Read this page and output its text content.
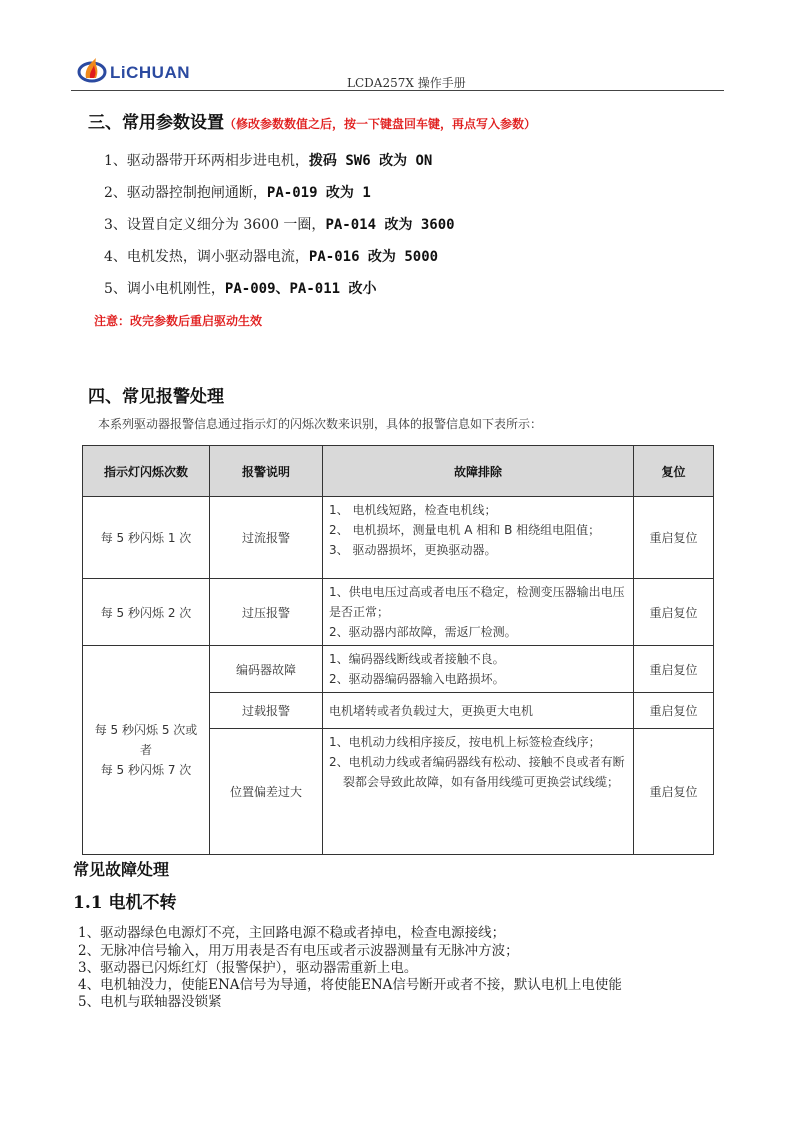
LiCHUAN
LCDA257X 操作手册
三、常用参数设置（修改参数数值之后，按一下键盘回车键，再点写入参数）
1、驱动器带开环两相步进电机，拨码 SW6 改为 ON
2、驱动器控制抱闸通断，PA-019 改为 1
3、设置自定义细分为 3600 一圈，PA-014 改为 3600
4、电机发热，调小驱动器电流，PA-016 改为 5000
5、调小电机刚性，PA-009、PA-011 改小
注意：改完参数后重启驱动生效
四、常见报警处理
本系列驱动器报警信息通过指示灯的闪烁次数来识别，具体的报警信息如下表所示：
指示灯闪烁次数	报警说明	故障排除	复位
每 5 秒闪烁 1 次	过流报警	1、 电机线短路，检查电机线；
2、 电机损坏，测量电机 A 相和 B 相绕组电阻值；
3、 驱动器损坏，更换驱动器。	重启复位
每 5 秒闪烁 2 次	过压报警	1、供电电压过高或者电压不稳定，检测变压器输出电压是否正常；
2、驱动器内部故障，需返厂检测。	重启复位

每 5 秒闪烁 5 次或
者
每 5 秒闪烁 7 次	编码器故障	1、编码器线断线或者接触不良。
2、驱动器编码器输入电路损坏。	重启复位
	过载报警	电机堵转或者负载过大，更换更大电机	重启复位
	位置偏差过大	1、电机动力线相序接反，按电机上标签检查线序；
2、电机动力线或者编码器线有松动、接触不良或者有断裂都会导致此故障，如有备用线缆可更换尝试线缆；	重启复位
常见故障处理
1.1 电机不转
1、驱动器绿色电源灯不亮，主回路电源不稳或者掉电，检查电源接线；
2、无脉冲信号输入，用万用表是否有电压或者示波器测量有无脉冲方波；
3、驱动器已闪烁红灯（报警保护），驱动器需重新上电。
4、电机轴没力，使能ENA信号为导通，将使能ENA信号断开或者不接，默认电机上电使能
5、电机与联轴器没锁紧
